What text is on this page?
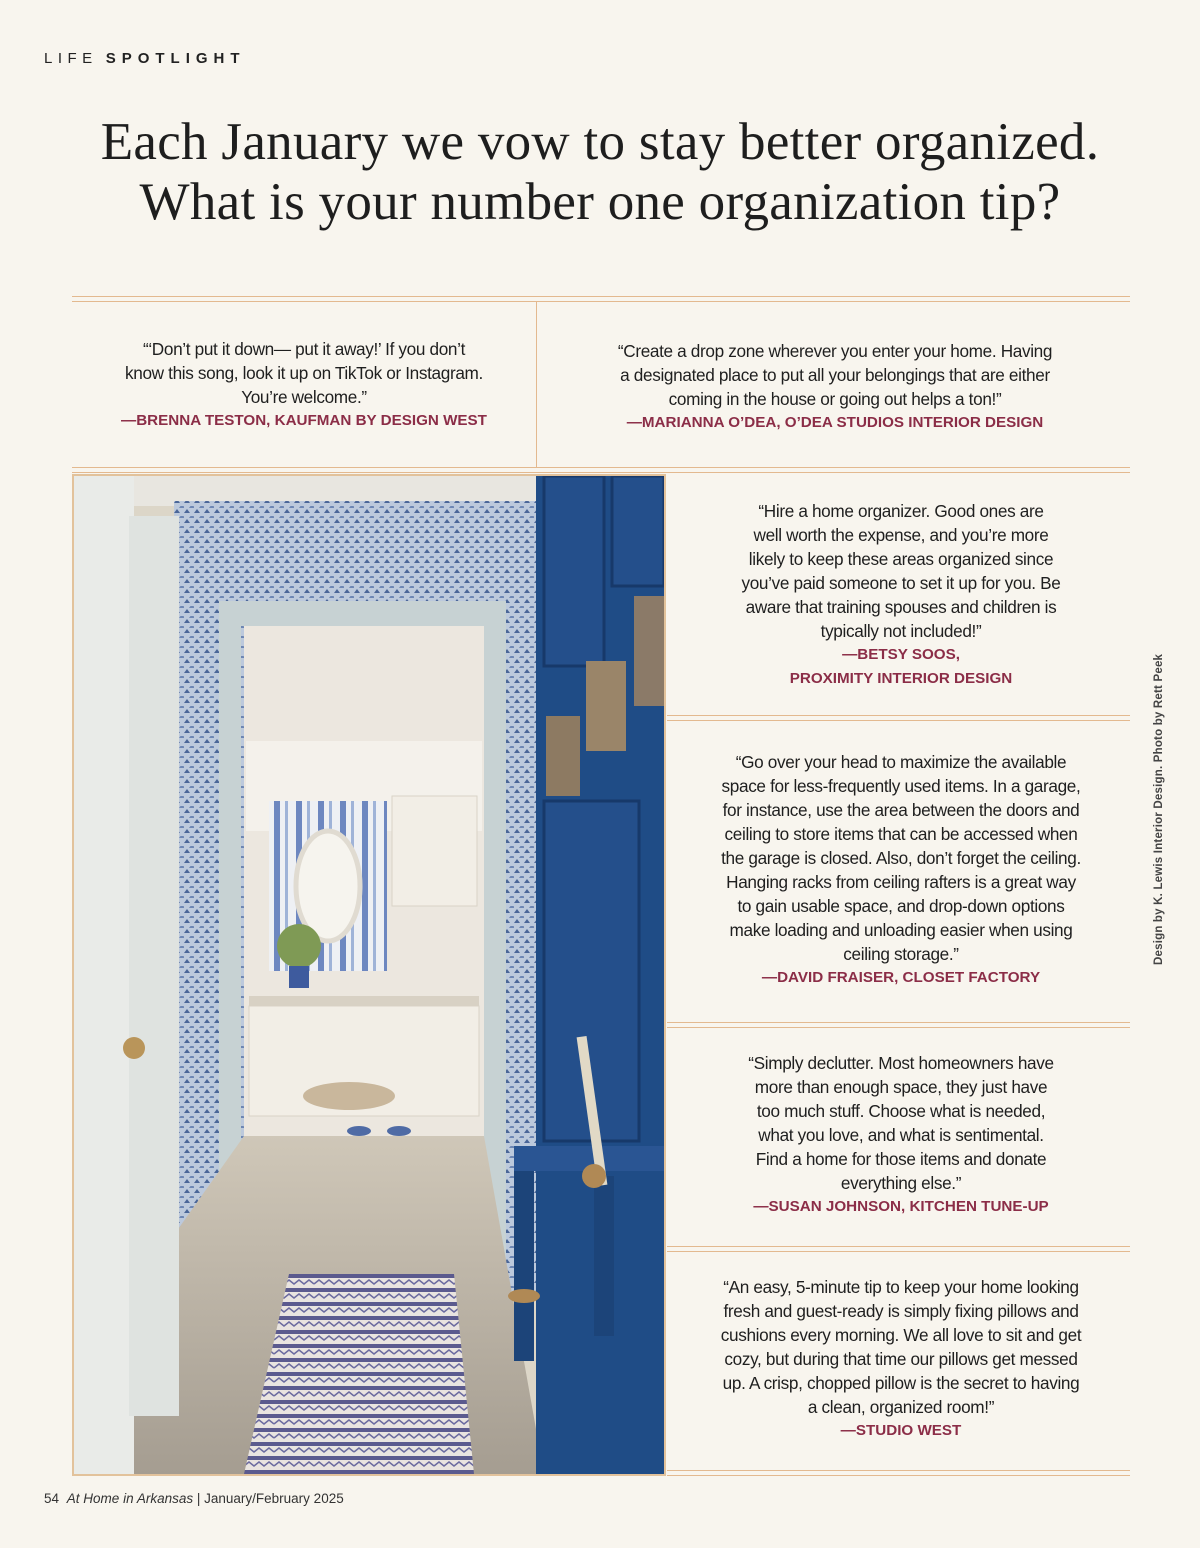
LIFE SPOTLIGHT
Each January we vow to stay better organized.
What is your number one organization tip?
“‘Don’t put it down— put it away!’ If you don’t
know this song, look it up on TikTok or Instagram.
You’re welcome.”
—BRENNA TESTON, KAUFMAN BY DESIGN WEST
“Create a drop zone wherever you enter your home. Having
a designated place to put all your belongings that are either
coming in the house or going out helps a ton!”
—MARIANNA O’DEA, O’DEA STUDIOS INTERIOR DESIGN
“Hire a home organizer. Good ones are
well worth the expense, and you’re more
likely to keep these areas organized since
you’ve paid someone to set it up for you. Be
aware that training spouses and children is
typically not included!”
—BETSY SOOS,
PROXIMITY INTERIOR DESIGN
“Go over your head to maximize the available
space for less-frequently used items. In a garage,
for instance, use the area between the doors and
ceiling to store items that can be accessed when
the garage is closed. Also, don’t forget the ceiling.
Hanging racks from ceiling rafters is a great way
to gain usable space, and drop-down options
make loading and unloading easier when using
ceiling storage.”
—DAVID FRAISER, CLOSET FACTORY
“Simply declutter. Most homeowners have
more than enough space, they just have
too much stuff. Choose what is needed,
what you love, and what is sentimental.
Find a home for those items and donate
everything else.”
—SUSAN JOHNSON, KITCHEN TUNE-UP
“An easy, 5-minute tip to keep your home looking
fresh and guest-ready is simply fixing pillows and
cushions every morning. We all love to sit and get
cozy, but during that time our pillows get messed
up. A crisp, chopped pillow is the secret to having
a clean, organized room!”
—STUDIO WEST
Design by K. Lewis Interior Design. Photo by Rett Peek
54 At Home in Arkansas | January/February 2025
